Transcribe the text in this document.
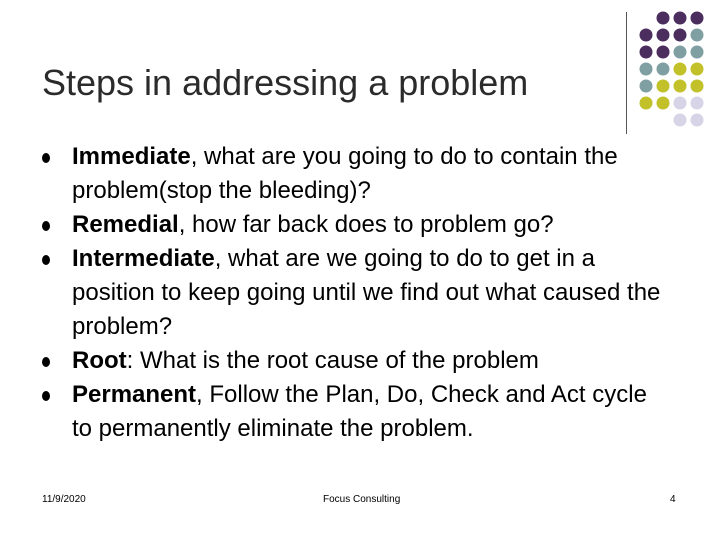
Steps in addressing a problem
Immediate, what are you going to do to contain the problem(stop the bleeding)?
Remedial, how far back does to problem go?
Intermediate, what are we going to do to get in a position to keep going until we find out what caused the problem?
Root: What is the root cause of the problem
Permanent, Follow the Plan, Do, Check and Act cycle to permanently eliminate the problem.
11/9/2020	Focus Consulting	4
